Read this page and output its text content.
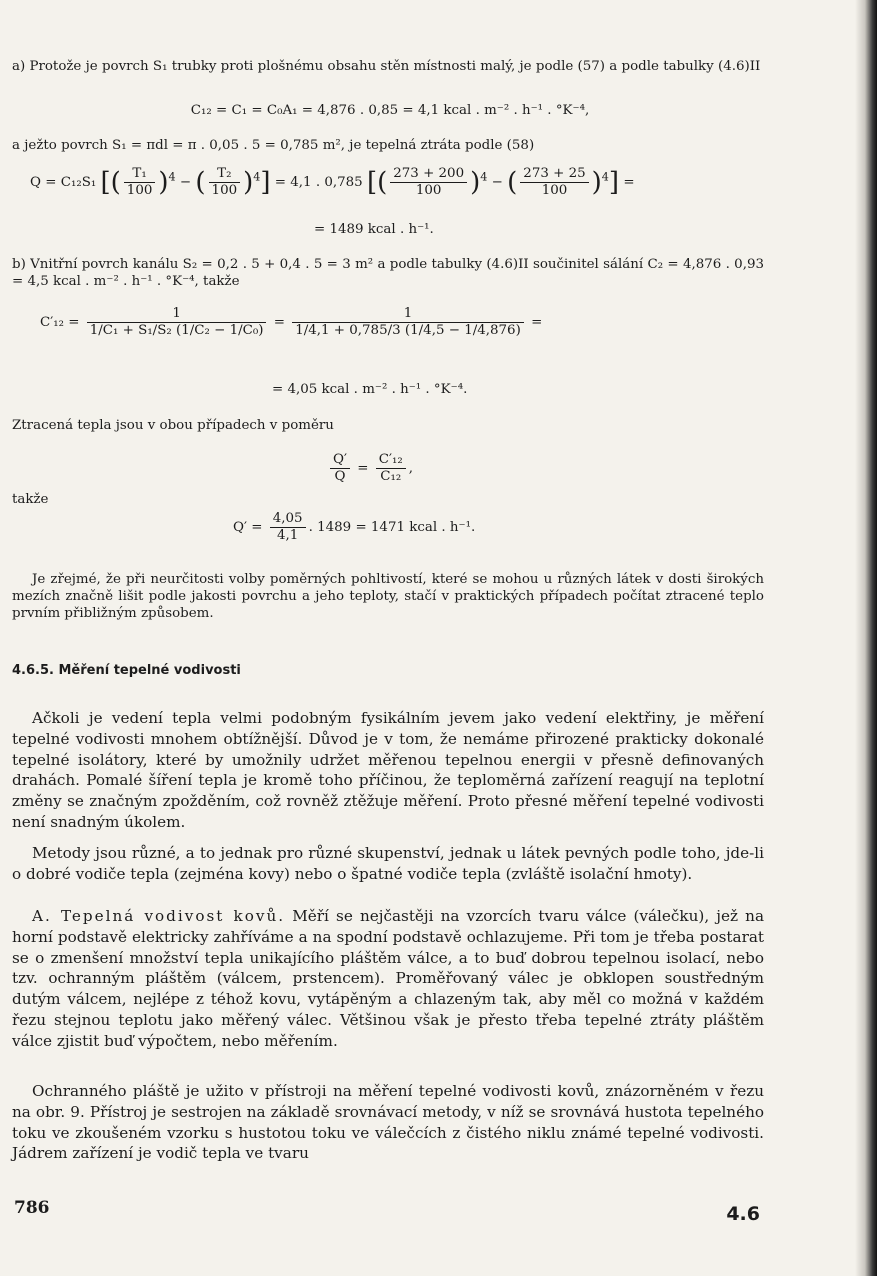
a) Protože je povrch S₁ trubky proti plošnému obsahu stěn místnosti malý, je podle (57) a podle tabulky (4.6)II
C₁₂ = C₁ = C₀A₁ = 4,876 . 0,85 = 4,1 kcal . m⁻² . h⁻¹ . °K⁻⁴,
a ježto povrch S₁ = πdl = π . 0,05 . 5 = 0,785 m², je tepelná ztráta podle (58)
Q = C₁₂S₁ [( $\frac{\text{T₁}}{100} )^4$ − ( $\frac{\text{T₂}}{100} )^4] = 4,1$ . 0,785 [( $\frac{273 + 200}{100} )^4$ − ( $\frac{273 + 25}{100} )^4$] =
= 1489 kcal . h⁻¹.
b) Vnitřní povrch kanálu S₂ = 0,2 . 5 + 0,4 . 5 = 3 m² a podle tabulky (4.6)II součinitel sálání C₂ = 4,876 . 0,93 = 4,5 kcal . m⁻² . h⁻¹ . °K⁻⁴, takže
$C'_{12} = \frac{1}{\text{1/C₁ + S₁/S₂ (1/C₂ − 1/C₀)}} = \frac{1}{1/4,1 + 0,785/3 (1/4,5 - 1/4,876)}$ =
= 4,05 kcal . m⁻² . h⁻¹ . °K⁻⁴.
Ztracená tepla jsou v obou případech v poměru
$\frac{Q'}{Q} = \frac{\text{C′₁₂}}{\text{C₁₂}}$ ,
takže
$Q' = \frac{4,05}{4,1}$ . 1489 = 1471 kcal . h⁻¹.
Je zřejmé, že při neurčitosti volby poměrných pohltivostí, které se mohou u různých látek v dosti širokých mezích značně lišit podle jakosti povrchu a jeho teploty, stačí v praktických případech počítat ztracené teplo prvním přibližným způsobem.
4.6.5. Měření tepelné vodivosti
Ačkoli je vedení tepla velmi podobným fysikálním jevem jako vedení elektřiny, je měření tepelné vodivosti mnohem obtížnější. Důvod je v tom, že nemáme přirozené prakticky dokonalé tepelné isolátory, které by umožnily udržet měřenou tepelnou energii v přesně definovaných drahách. Pomalé šíření tepla je kromě toho příčinou, že teploměrná zařízení reagují na teplotní změny se značným zpožděním, což rovněž ztěžuje měření. Proto přesné měření tepelné vodivosti není snadným úkolem.
Metody jsou různé, a to jednak pro různé skupenství, jednak u látek pevných podle toho, jde-li o dobré vodiče tepla (zejména kovy) nebo o špatné vodiče tepla (zvláště isolační hmoty).
A. Tepelná vodivost kovů. Měří se nejčastěji na vzorcích tvaru válce (válečku), jež na horní podstavě elektricky zahříváme a na spodní podstavě ochlazujeme. Při tom je třeba postarat se o zmenšení množství tepla unikajícího pláštěm válce, a to buď dobrou tepelnou isolací, nebo tzv. ochranným pláštěm (válcem, prstencem). Proměřovaný válec je obklopen soustředným dutým válcem, nejlépe z téhož kovu, vytápěným a chlazeným tak, aby měl co možná v každém řezu stejnou teplotu jako měřený válec. Většinou však je přesto třeba tepelné ztráty pláštěm válce zjistit buď výpočtem, nebo měřením.
Ochranného pláště je užito v přístroji na měření tepelné vodivosti kovů, znázorněném v řezu na obr. 9. Přístroj je sestrojen na základě srovnávací metody, v níž se srovnává hustota tepelného toku ve zkoušeném vzorku s hustotou toku ve válečcích z čistého niklu známé tepelné vodivosti. Jádrem zařízení je vodič tepla ve tvaru
786	4.6
